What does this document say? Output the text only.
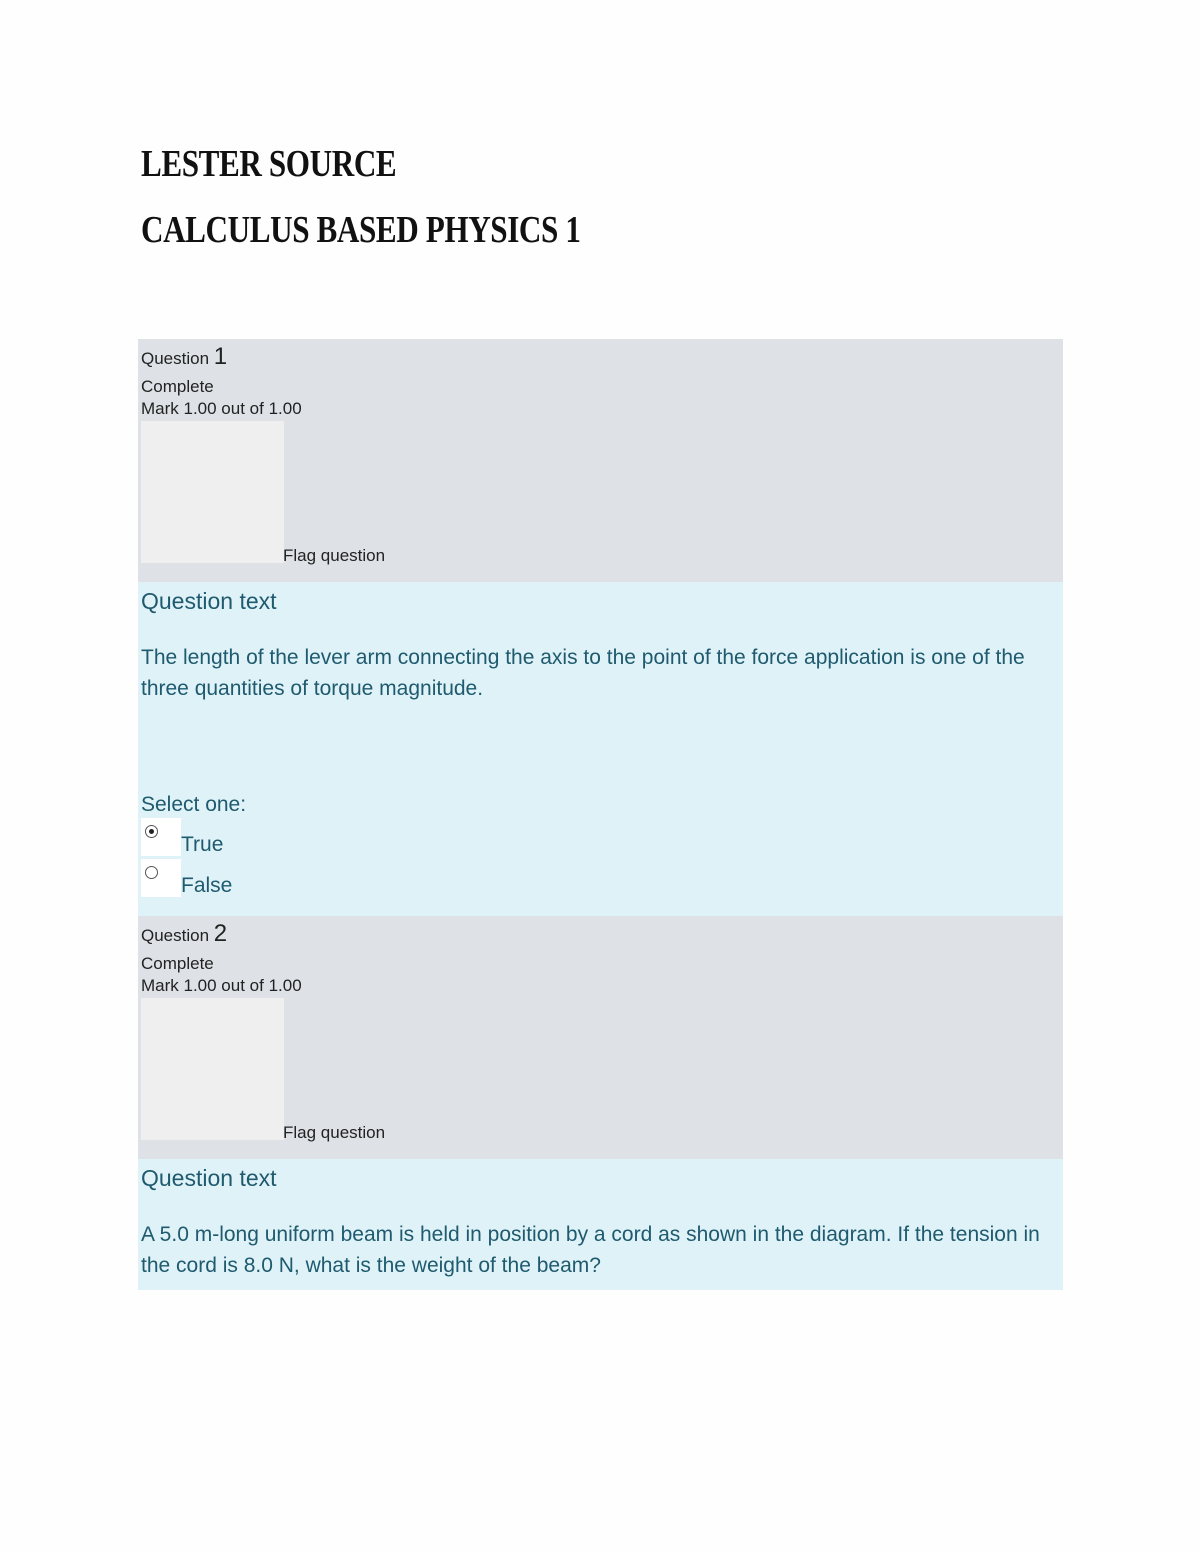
LESTER SOURCE
CALCULUS BASED PHYSICS 1
Question 1
Complete
Mark 1.00 out of 1.00
Flag question
Question text
The length of the lever arm connecting the axis to the point of the force application is one of the three quantities of torque magnitude.
Select one:
True
False
Question 2
Complete
Mark 1.00 out of 1.00
Flag question
Question text
A 5.0 m-long uniform beam is held in position by a cord as shown in the diagram. If the tension in the cord is 8.0 N, what is the weight of the beam?
